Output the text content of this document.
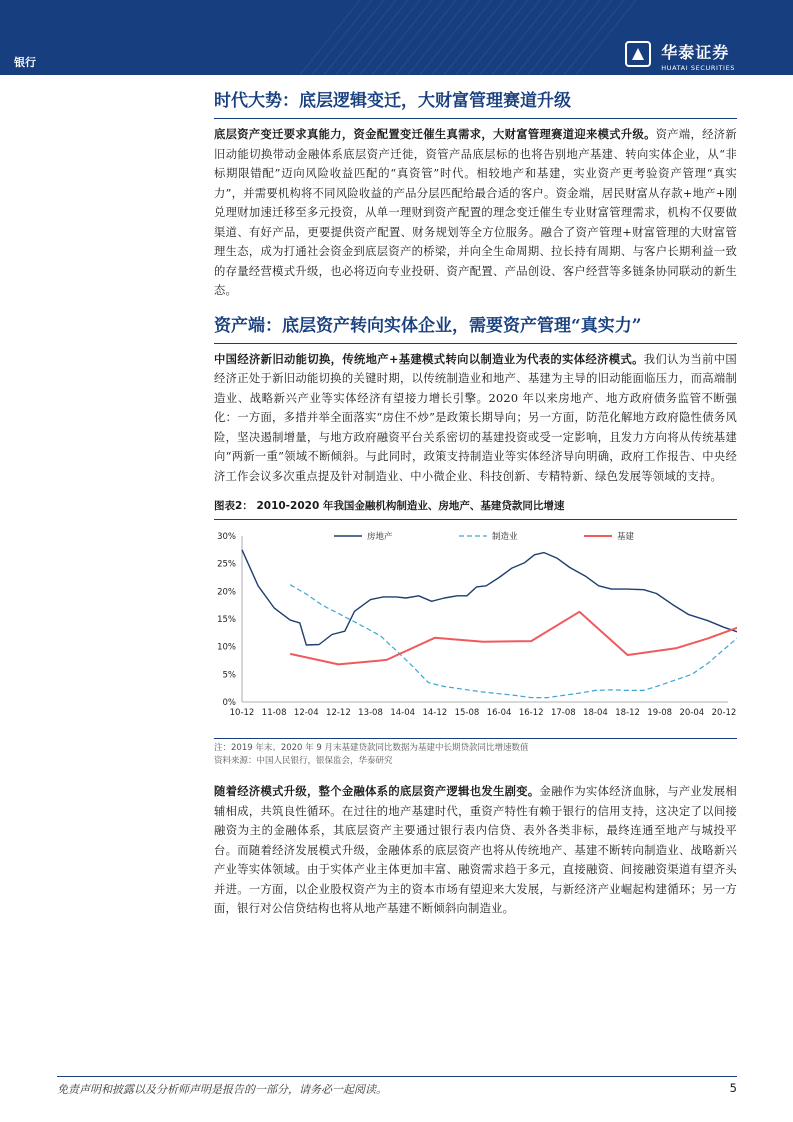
银行
华泰证券
HUATAI SECURITIES
时代大势：底层逻辑变迁，大财富管理赛道升级

底层资产变迁要求真能力，资金配置变迁催生真需求，大财富管理赛道迎来模式升级。资产端，经济新旧动能切换带动金融体系底层资产迁徙，资管产品底层标的也将告别地产基建、转向实体企业，从“非标期限错配”迈向风险收益匹配的“真资管”时代。相较地产和基建，实业资产更考验资产管理“真实力”，并需要机构将不同风险收益的产品分层匹配给最合适的客户。资金端，居民财富从存款+地产+刚兑理财加速迁移至多元投资，从单一理财到资产配置的理念变迁催生专业财富管理需求，机构不仅要做渠道、有好产品，更要提供资产配置、财务规划等全方位服务。融合了资产管理+财富管理的大财富管理生态，成为打通社会资金到底层资产的桥梁，并向全生命周期、拉长持有周期、与客户长期利益一致的存量经营模式升级，也必将迈向专业投研、资产配置、产品创设、客户经营等多链条协同联动的新生态。

资产端：底层资产转向实体企业，需要资产管理“真实力”

中国经济新旧动能切换，传统地产+基建模式转向以制造业为代表的实体经济模式。我们认为当前中国经济正处于新旧动能切换的关键时期，以传统制造业和地产、基建为主导的旧动能面临压力，而高端制造业、战略新兴产业等实体经济有望接力增长引擎。2020 年以来房地产、地方政府债务监管不断强化：一方面，多措并举全面落实“房住不炒”是政策长期导向；另一方面，防范化解地方政府隐性债务风险，坚决遏制增量，与地方政府融资平台关系密切的基建投资或受一定影响，且发力方向将从传统基建向“两新一重”领域不断倾斜。与此同时，政策支持制造业等实体经济导向明确，政府工作报告、中央经济工作会议多次重点提及针对制造业、中小微企业、科技创新、专精特新、绿色发展等领域的支持。

图表2： 2010-2020 年我国金融机构制造业、房地产、基建贷款同比增速
0%
5%
10%
15%
20%
25%
30%
10-12 11-08 12-04 12-12 13-08 14-04 14-12 15-08 16-04 16-12 17-08 18-04 18-12 19-08 20-04 20-12
房地产	制造业	基建
注：2019 年末、2020 年 9 月末基建贷款同比数据为基建中长期贷款同比增速数值
资料来源：中国人民银行，银保监会，华泰研究

随着经济模式升级，整个金融体系的底层资产逻辑也发生剧变。金融作为实体经济血脉，与产业发展相辅相成，共筑良性循环。在过往的地产基建时代，重资产特性有赖于银行的信用支持，这决定了以间接融资为主的金融体系，其底层资产主要通过银行表内信贷、表外各类非标，最终连通至地产与城投平台。而随着经济发展模式升级，金融体系的底层资产也将从传统地产、基建不断转向制造业、战略新兴产业等实体领域。由于实体产业主体更加丰富、融资需求趋于多元，直接融资、间接融资渠道有望齐头并进。一方面，以企业股权资产为主的资本市场有望迎来大发展，与新经济产业崛起构建循环；另一方面，银行对公信贷结构也将从地产基建不断倾斜向制造业。

免责声明和披露以及分析师声明是报告的一部分，请务必一起阅读。	5
